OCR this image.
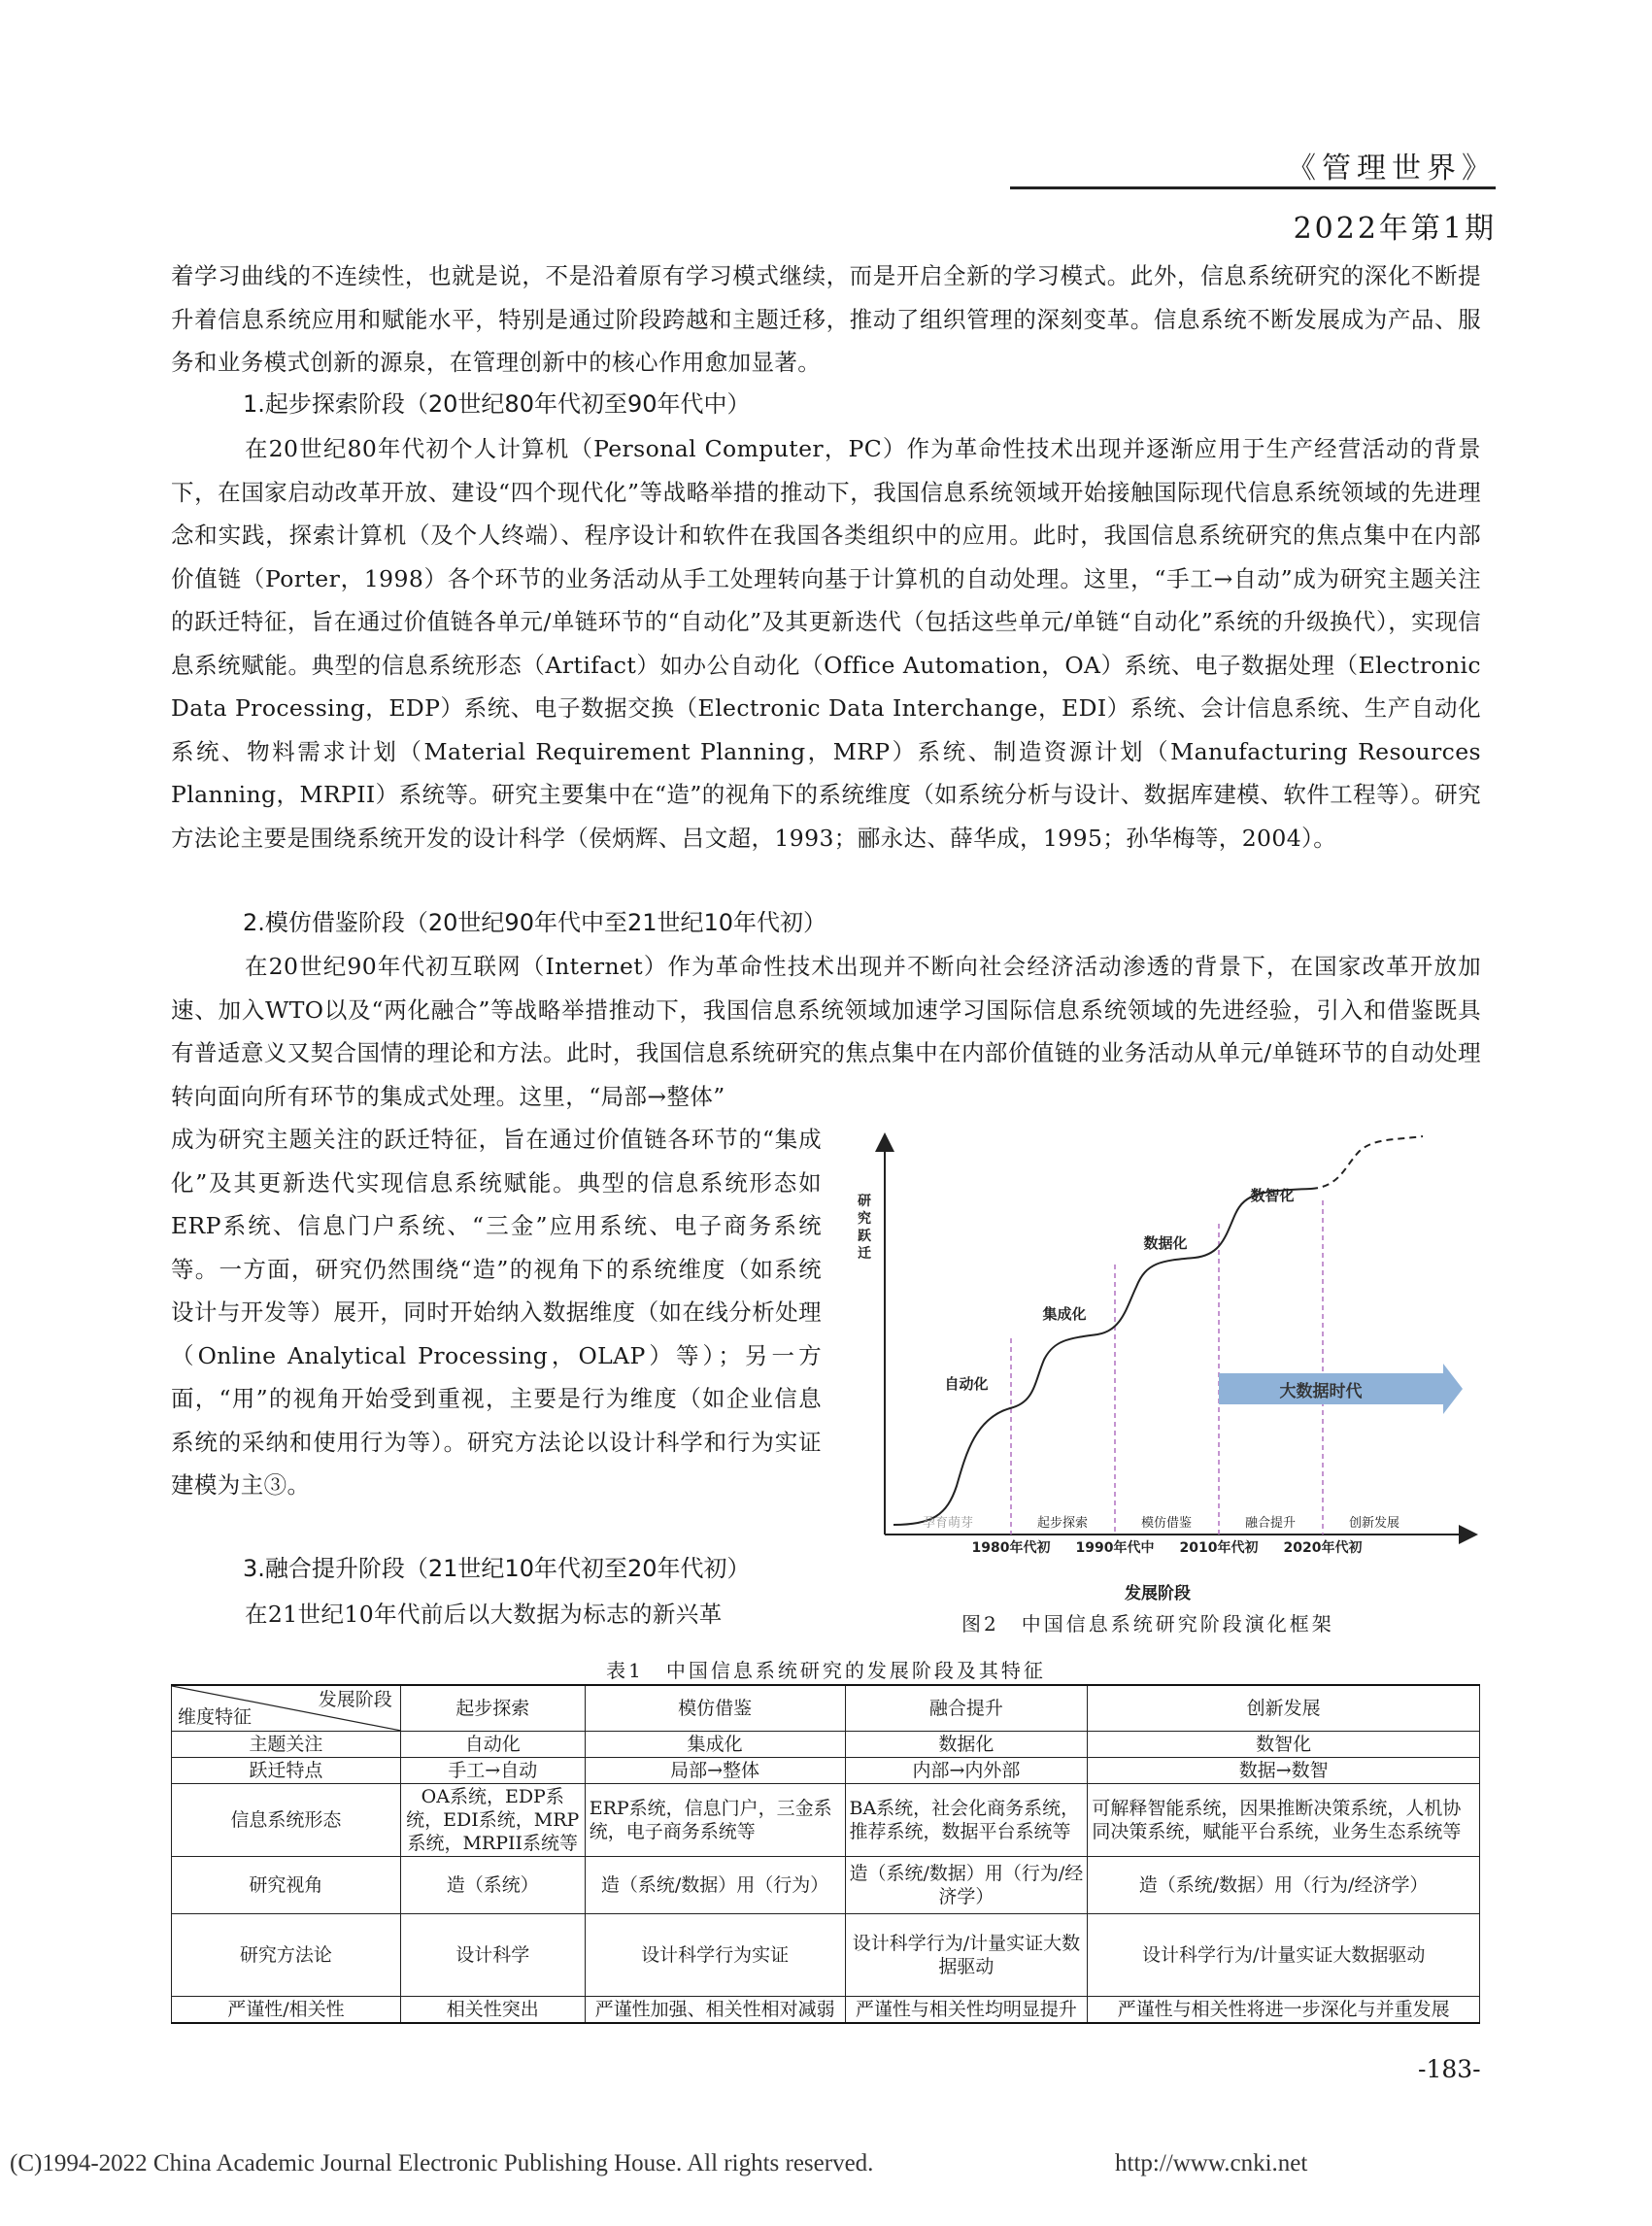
《管理世界》
2022年第1期

着学习曲线的不连续性，也就是说，不是沿着原有学习模式继续，而是开启全新的学习模式。此外，信息系统研究的深化不断提升着信息系统应用和赋能水平，特别是通过阶段跨越和主题迁移，推动了组织管理的深刻变革。信息系统不断发展成为产品、服务和业务模式创新的源泉，在管理创新中的核心作用愈加显著。

1.起步探索阶段（20世纪80年代初至90年代中）

在20世纪80年代初个人计算机（Personal Computer，PC）作为革命性技术出现并逐渐应用于生产经营活动的背景下，在国家启动改革开放、建设“四个现代化”等战略举措的推动下，我国信息系统领域开始接触国际现代信息系统领域的先进理念和实践，探索计算机（及个人终端）、程序设计和软件在我国各类组织中的应用。此时，我国信息系统研究的焦点集中在内部价值链（Porter，1998）各个环节的业务活动从手工处理转向基于计算机的自动处理。这里，“手工→自动”成为研究主题关注的跃迁特征，旨在通过价值链各单元/单链环节的“自动化”及其更新迭代（包括这些单元/单链“自动化”系统的升级换代），实现信息系统赋能。典型的信息系统形态（Artifact）如办公自动化（Office Automation，OA）系统、电子数据处理（Electronic Data Processing，EDP）系统、电子数据交换（Electronic Data Interchange，EDI）系统、会计信息系统、生产自动化系统、物料需求计划（Material Requirement Planning，MRP）系统、制造资源计划（Manufacturing Resources Planning，MRPII）系统等。研究主要集中在“造”的视角下的系统维度（如系统分析与设计、数据库建模、软件工程等）。研究方法论主要是围绕系统开发的设计科学（侯炳辉、吕文超，1993；郦永达、薛华成，1995；孙华梅等，2004）。

2.模仿借鉴阶段（20世纪90年代中至21世纪10年代初）

在20世纪90年代初互联网（Internet）作为革命性技术出现并不断向社会经济活动渗透的背景下，在国家改革开放加速、加入WTO以及“两化融合”等战略举措推动下，我国信息系统领域加速学习国际信息系统领域的先进经验，引入和借鉴既具有普适意义又契合国情的理论和方法。此时，我国信息系统研究的焦点集中在内部价值链的业务活动从单元/单链环节的自动处理转向面向所有环节的集成式处理。这里，“局部→整体”

成为研究主题关注的跃迁特征，旨在通过价值链各环节的“集成化”及其更新迭代实现信息系统赋能。典型的信息系统形态如ERP系统、信息门户系统、“三金”应用系统、电子商务系统等。一方面，研究仍然围绕“造”的视角下的系统维度（如系统设计与开发等）展开，同时开始纳入数据维度（如在线分析处理（Online Analytical Processing，OLAP）等）；另一方面，“用”的视角开始受到重视，主要是行为维度（如企业信息系统的采纳和使用行为等）。研究方法论以设计科学和行为实证建模为主③。

3.融合提升阶段（21世纪10年代初至20年代初）

在21世纪10年代前后以大数据为标志的新兴革

研究跃迁
大数据时代
自动化
集成化
数据化
数智化
孕育萌芽	起步探索	模仿借鉴	融合提升	创新发展
1980年代初 1990年代中 2010年代初 2020年代初
发展阶段
图2　中国信息系统研究阶段演化框架
表1　中国信息系统研究的发展阶段及其特征
发展阶段
维度特征	起步探索	模仿借鉴	融合提升	创新发展
主题关注	自动化	集成化	数据化	数智化
跃迁特点	手工→自动	局部→整体	内部→内外部	数据→数智
信息系统形态	OA系统，EDP系统，EDI系统，MRP系统，MRPII系统等	ERP系统，信息门户，三金系统，电子商务系统等	BA系统，社会化商务系统，推荐系统，数据平台系统等	可解释智能系统，因果推断决策系统，人机协同决策系统，赋能平台系统，业务生态系统等
研究视角	造（系统）	造（系统/数据）用（行为）	造（系统/数据）用（行为/经济学）	造（系统/数据）用（行为/经济学）
研究方法论	设计科学	设计科学行为实证	设计科学行为/计量实证大数据驱动	设计科学行为/计量实证大数据驱动
严谨性/相关性	相关性突出	严谨性加强、相关性相对减弱	严谨性与相关性均明显提升	严谨性与相关性将进一步深化与并重发展
-183-
(C)1994-2022 China Academic Journal Electronic Publishing House. All rights reserved.	http://www.cnki.net
